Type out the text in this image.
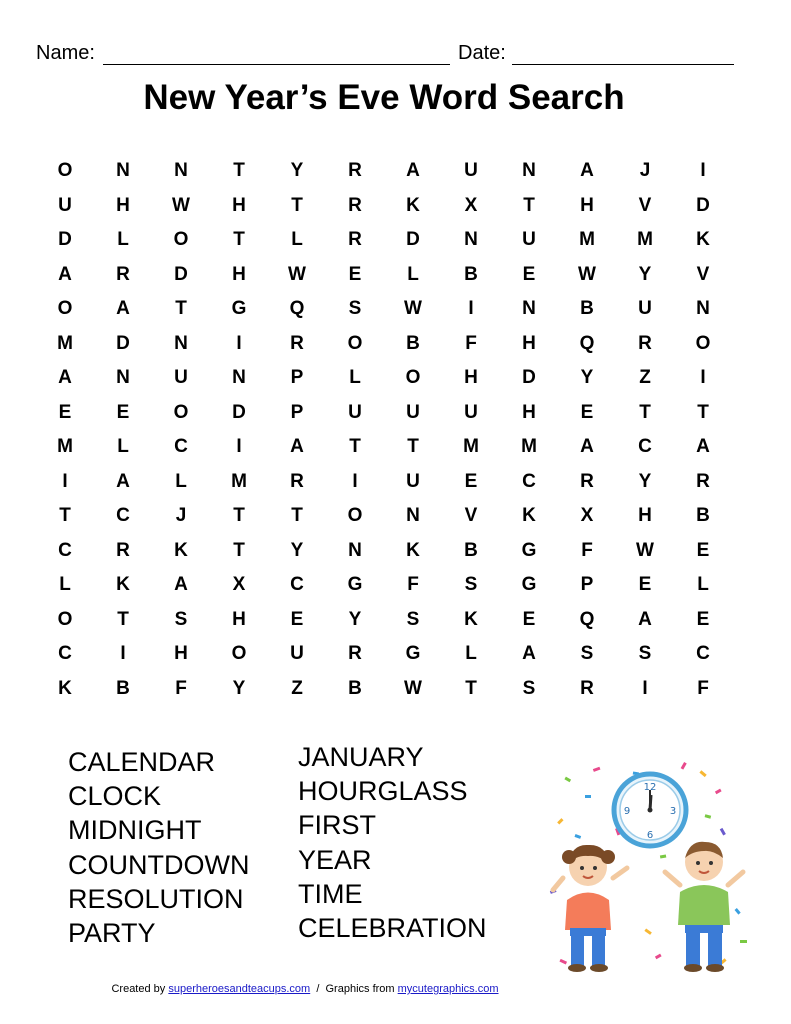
Name:	Date:
New Year’s Eve Word Search
O	N	N	T	Y	R	A	U	N	A	J	I
U	H	W	H	T	R	K	X	T	H	V	D
D	L	O	T	L	R	D	N	U	M	M	K
A	R	D	H	W	E	L	B	E	W	Y	V
O	A	T	G	Q	S	W	I	N	B	U	N
M	D	N	I	R	O	B	F	H	Q	R	O
A	N	U	N	P	L	O	H	D	Y	Z	I
E	E	O	D	P	U	U	U	H	E	T	T
M	L	C	I	A	T	T	M	M	A	C	A
I	A	L	M	R	I	U	E	C	R	Y	R
T	C	J	T	T	O	N	V	K	X	H	B
C	R	K	T	Y	N	K	B	G	F	W	E
L	K	A	X	C	G	F	S	G	P	E	L
O	T	S	H	E	Y	S	K	E	Q	A	E
C	I	H	O	U	R	G	L	A	S	S	C
K	B	F	Y	Z	B	W	T	S	R	I	F
CALENDAR
CLOCK
MIDNIGHT
COUNTDOWN
RESOLUTION
PARTY
JANUARY
HOURGLASS
FIRST
YEAR
TIME
CELEBRATION
12
3
6
9
Created by superheroesandteacups.com  /  Graphics from mycutegraphics.com
